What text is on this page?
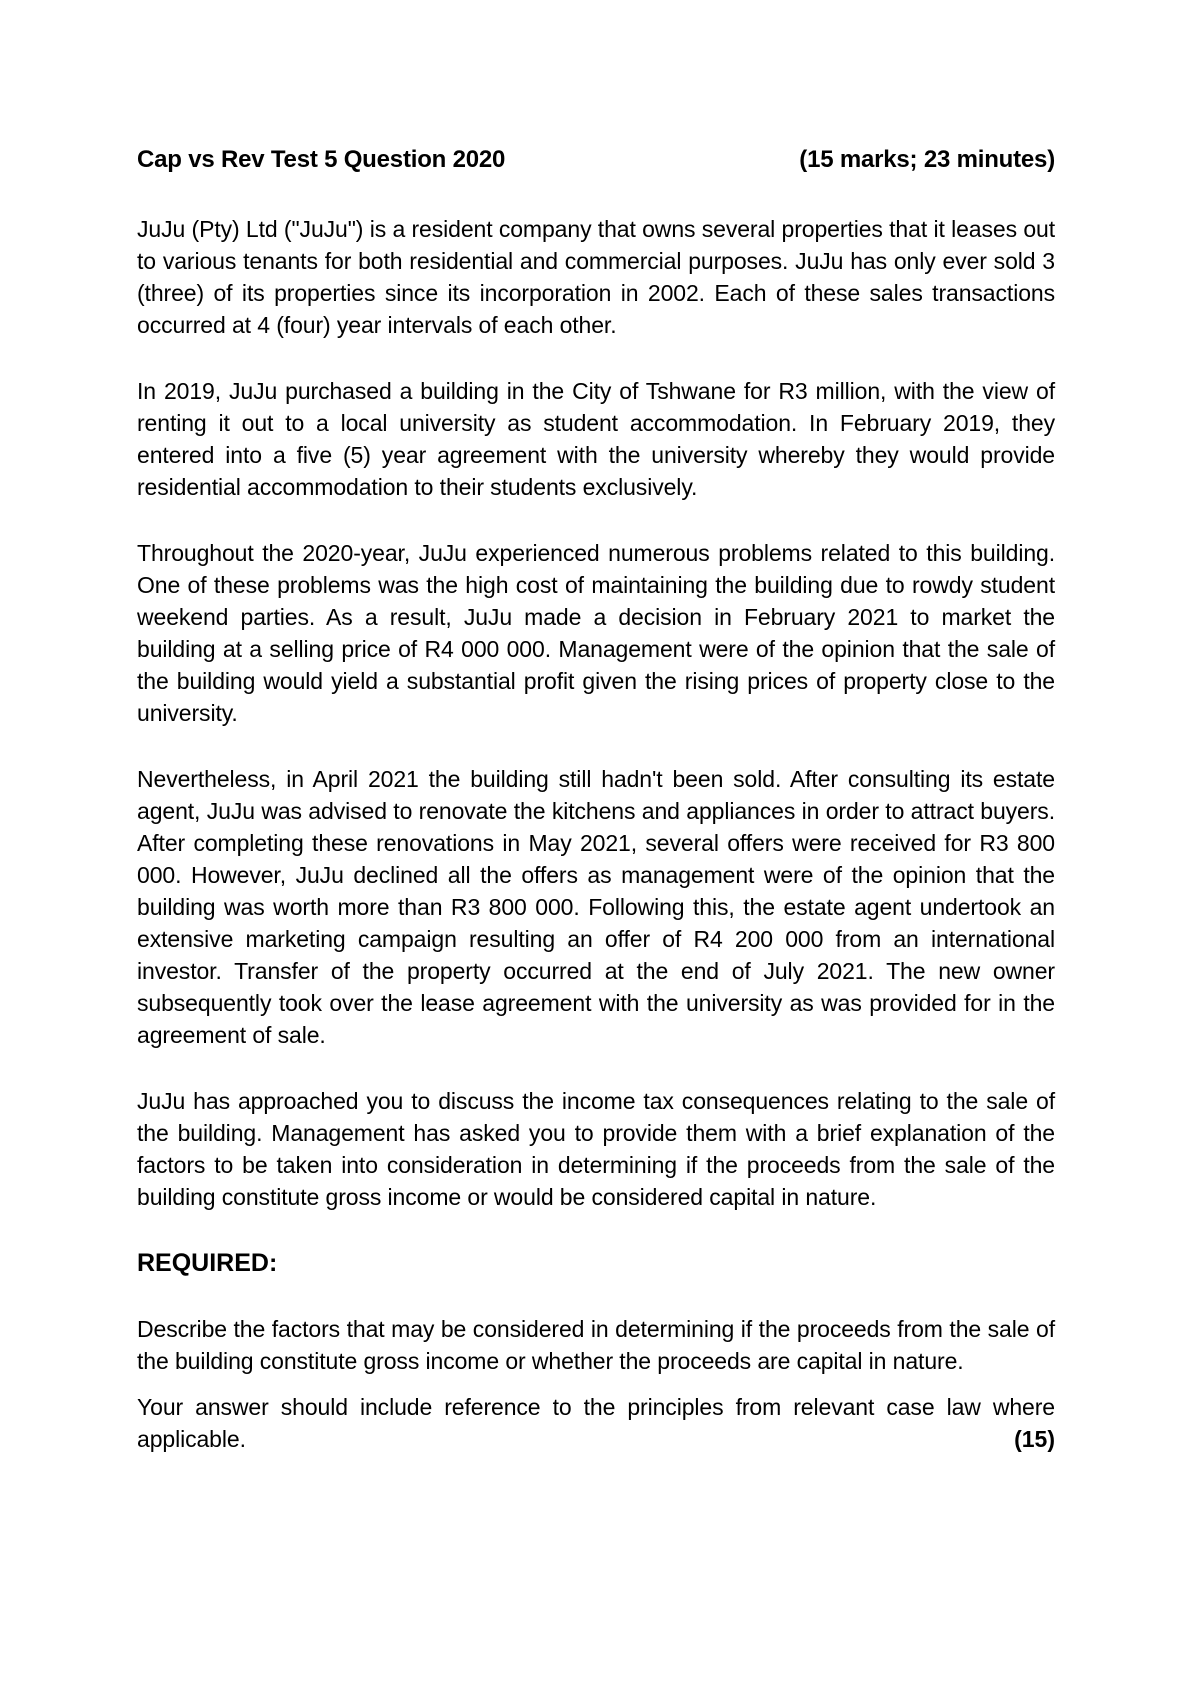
Cap vs Rev Test 5 Question 2020	(15 marks; 23 minutes)

JuJu (Pty) Ltd ("JuJu") is a resident company that owns several properties that it leases out to various tenants for both residential and commercial purposes. JuJu has only ever sold 3 (three) of its properties since its incorporation in 2002. Each of these sales transactions occurred at 4 (four) year intervals of each other.

In 2019, JuJu purchased a building in the City of Tshwane for R3 million, with the view of renting it out to a local university as student accommodation. In February 2019, they entered into a five (5) year agreement with the university whereby they would provide residential accommodation to their students exclusively.

Throughout the 2020-year, JuJu experienced numerous problems related to this building. One of these problems was the high cost of maintaining the building due to rowdy student weekend parties. As a result, JuJu made a decision in February 2021 to market the building at a selling price of R4 000 000. Management were of the opinion that the sale of the building would yield a substantial profit given the rising prices of property close to the university.

Nevertheless, in April 2021 the building still hadn't been sold. After consulting its estate agent, JuJu was advised to renovate the kitchens and appliances in order to attract buyers. After completing these renovations in May 2021, several offers were received for R3 800 000. However, JuJu declined all the offers as management were of the opinion that the building was worth more than R3 800 000. Following this, the estate agent undertook an extensive marketing campaign resulting an offer of R4 200 000 from an international investor. Transfer of the property occurred at the end of July 2021. The new owner subsequently took over the lease agreement with the university as was provided for in the agreement of sale.

JuJu has approached you to discuss the income tax consequences relating to the sale of the building. Management has asked you to provide them with a brief explanation of the factors to be taken into consideration in determining if the proceeds from the sale of the building constitute gross income or would be considered capital in nature.

REQUIRED:

Describe the factors that may be considered in determining if the proceeds from the sale of the building constitute gross income or whether the proceeds are capital in nature.

Your answer should include reference to the principles from relevant case law where applicable.	(15)
